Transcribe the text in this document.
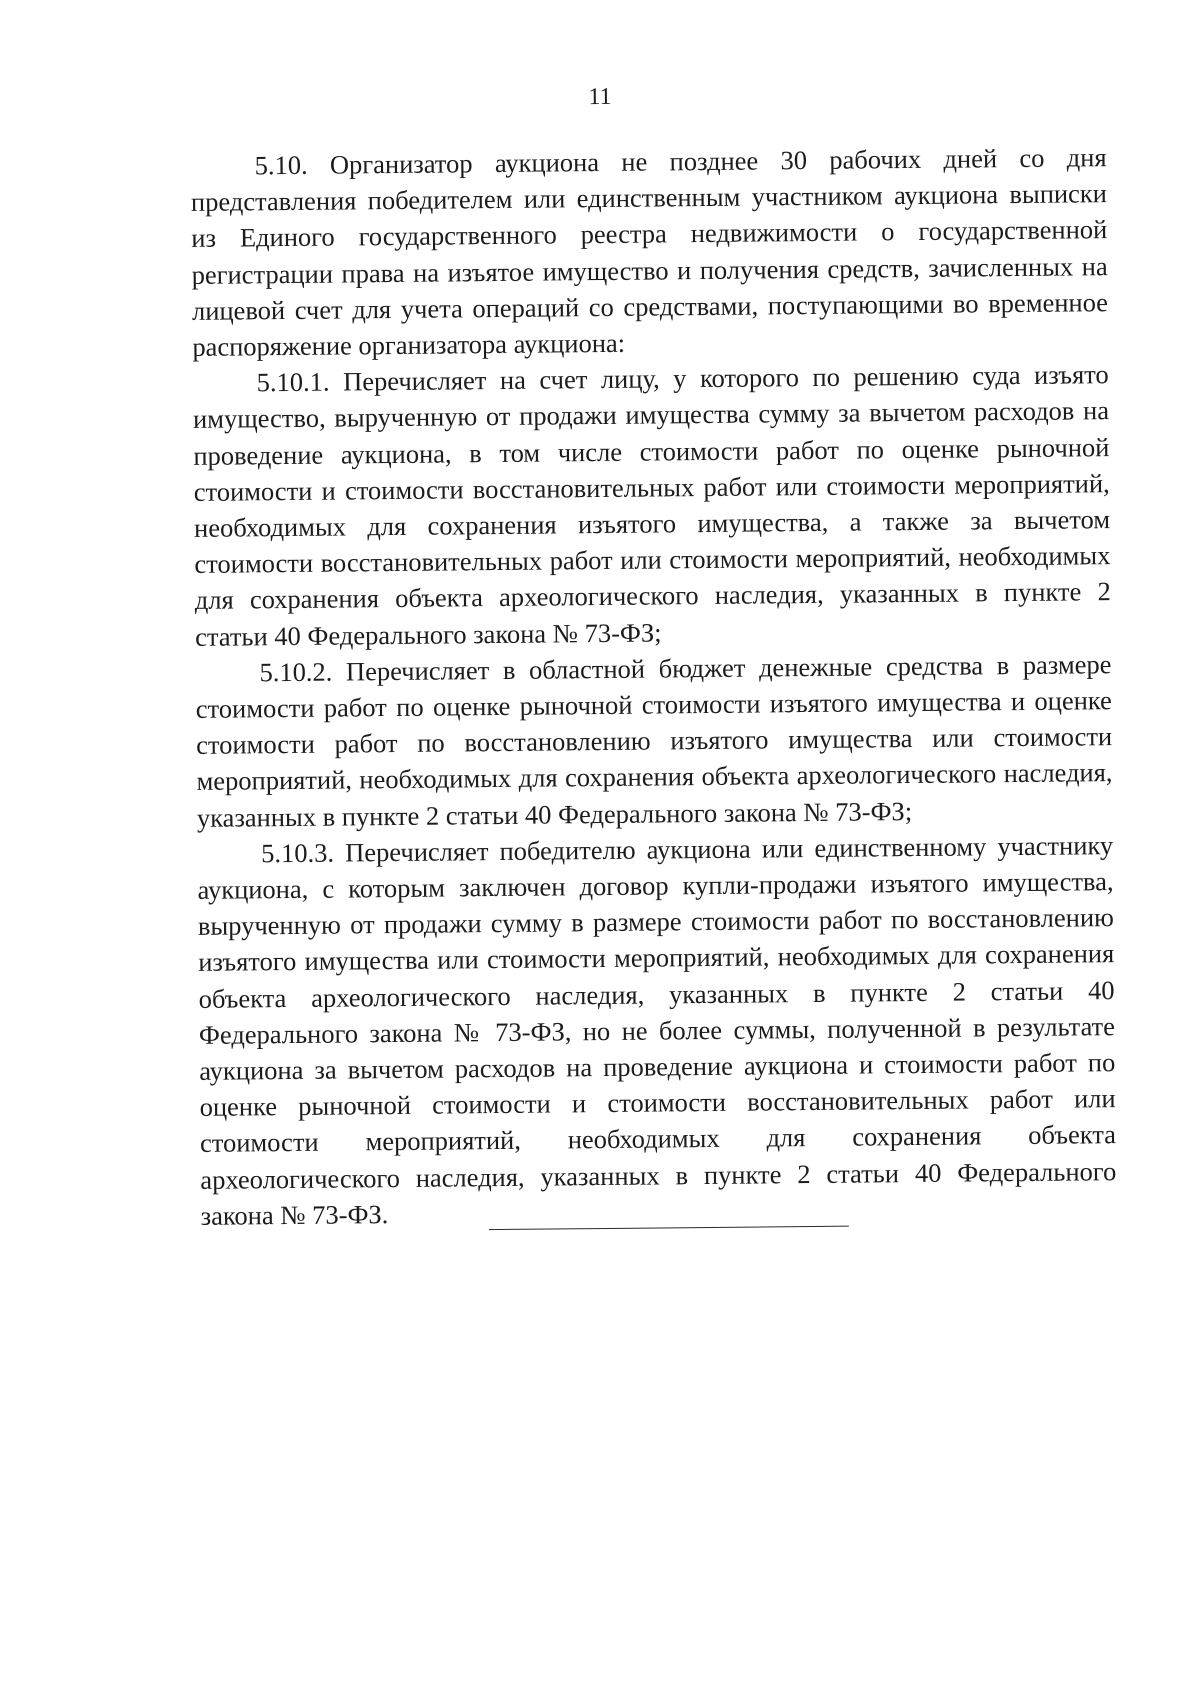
11

5.10. Организатор аукциона не позднее 30 рабочих дней со дня представления победителем или единственным участником аукциона выписки из Единого государственного реестра недвижимости о государственной регистрации права на изъятое имущество и получения средств, зачисленных на лицевой счет для учета операций со средствами, поступающими во временное распоряжение организатора аукциона:

5.10.1. Перечисляет на счет лицу, у которого по решению суда изъято имущество, вырученную от продажи имущества сумму за вычетом расходов на проведение аукциона, в том числе стоимости работ по оценке рыночной стоимости и стоимости восстановительных работ или стоимости мероприятий, необходимых для сохранения изъятого имущества, а также за вычетом стоимости восстановительных работ или стоимости мероприятий, необходимых для сохранения объекта археологического наследия, указанных в пункте 2 статьи 40 Федерального закона № 73-ФЗ;

5.10.2. Перечисляет в областной бюджет денежные средства в размере стоимости работ по оценке рыночной стоимости изъятого имущества и оценке стоимости работ по восстановлению изъятого имущества или стоимости мероприятий, необходимых для сохранения объекта археологического наследия, указанных в пункте 2 статьи 40 Федерального закона № 73-ФЗ;

5.10.3. Перечисляет победителю аукциона или единственному участнику аукциона, с которым заключен договор купли-продажи изъятого имущества, вырученную от продажи сумму в размере стоимости работ по восстановлению изъятого имущества или стоимости мероприятий, необходимых для сохранения объекта археологического наследия, указанных в пункте 2 статьи 40 Федерального закона № 73-ФЗ, но не более суммы, полученной в результате аукциона за вычетом расходов на проведение аукциона и стоимости работ по оценке рыночной стоимости и стоимости восстановительных работ или стоимости мероприятий, необходимых для сохранения объекта археологического наследия, указанных в пункте 2 статьи 40 Федерального закона № 73-ФЗ.
